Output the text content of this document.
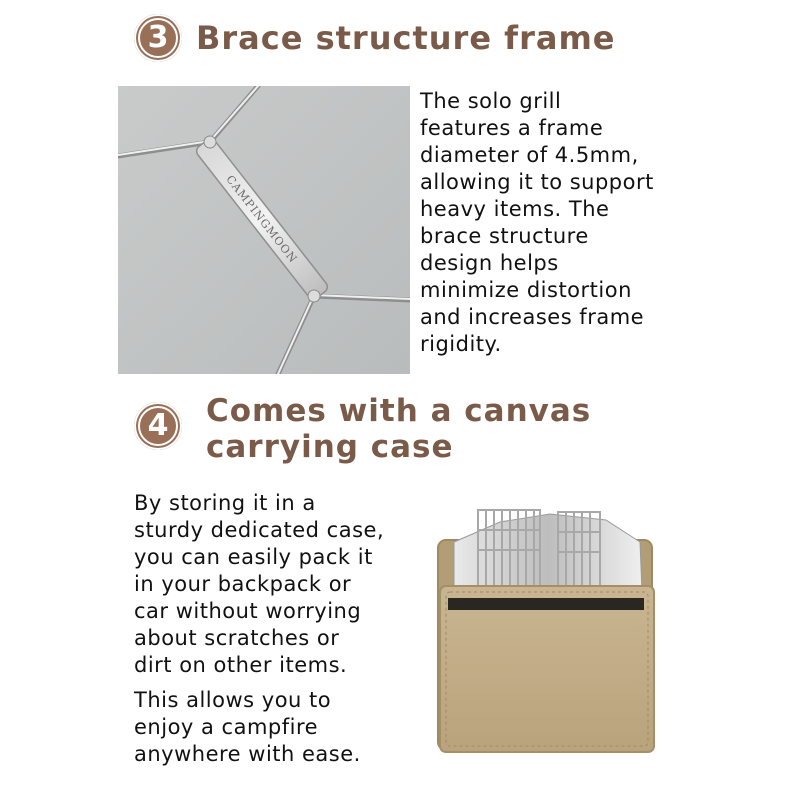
3 Brace structure frame
CAMPINGMOON

The solo grill
features a frame
diameter of 4.5mm,
allowing it to support
heavy items. The
brace structure
design helps
minimize distortion
and increases frame
rigidity.

4	Comes with a canvas
carrying case

By storing it in a
sturdy dedicated case,
you can easily pack it
in your backpack or
car without worrying
about scratches or
dirt on other items.

This allows you to
enjoy a campfire
anywhere with ease.
